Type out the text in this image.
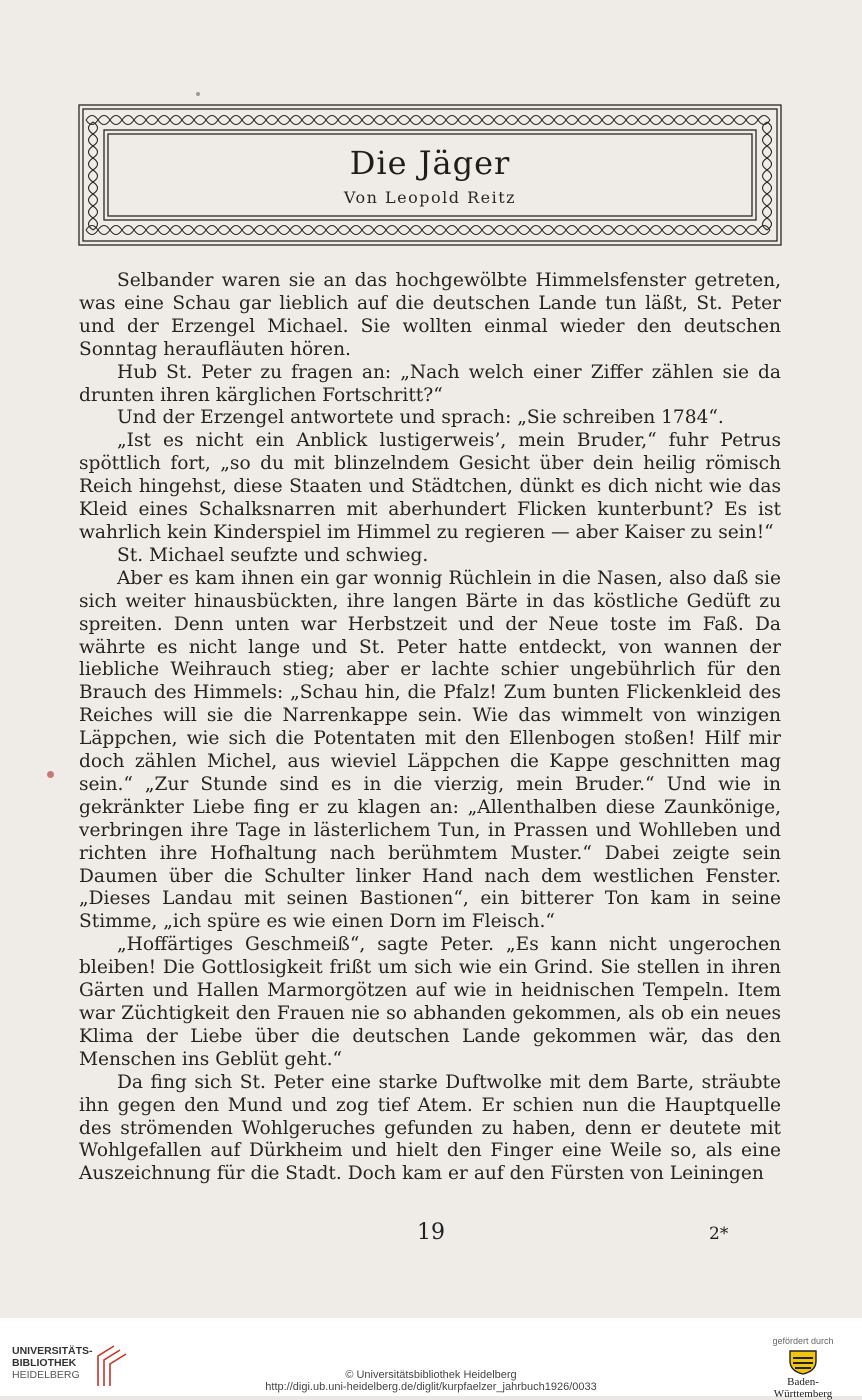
Die Jäger
Von Leopold Reitz

Selbander waren sie an das hochgewölbte Himmelsfenster getreten, was eine Schau gar lieblich auf die deutschen Lande tun läßt, St. Peter und der Erzengel Michael. Sie wollten einmal wieder den deutschen Sonntag heraufläuten hören.

Hub St. Peter zu fragen an: „Nach welch einer Ziffer zählen sie da drunten ihren kärglichen Fortschritt?“

Und der Erzengel antwortete und sprach: „Sie schreiben 1784“.

„Ist es nicht ein Anblick lustigerweis’, mein Bruder,“ fuhr Petrus spöttlich fort, „so du mit blinzelndem Gesicht über dein heilig römisch Reich hingehst, diese Staaten und Städtchen, dünkt es dich nicht wie das Kleid eines Schalksnarren mit aberhundert Flicken kunterbunt? Es ist wahrlich kein Kinderspiel im Himmel zu regieren — aber Kaiser zu sein!“

St. Michael seufzte und schwieg.

Aber es kam ihnen ein gar wonnig Rüchlein in die Nasen, also daß sie sich weiter hinausbückten, ihre langen Bärte in das köstliche Gedüft zu spreiten. Denn unten war Herbstzeit und der Neue toste im Faß. Da währte es nicht lange und St. Peter hatte entdeckt, von wannen der liebliche Weihrauch stieg; aber er lachte schier ungebührlich für den Brauch des Himmels: „Schau hin, die Pfalz! Zum bunten Flickenkleid des Reiches will sie die Narrenkappe sein. Wie das wimmelt von winzigen Läppchen, wie sich die Potentaten mit den Ellenbogen stoßen! Hilf mir doch zählen Michel, aus wieviel Läppchen die Kappe geschnitten mag sein.“ „Zur Stunde sind es in die vierzig, mein Bruder.“ Und wie in gekränkter Liebe fing er zu klagen an: „Allenthalben diese Zaunkönige, verbringen ihre Tage in lästerlichem Tun, in Prassen und Wohlleben und richten ihre Hofhaltung nach berühmtem Muster.“ Dabei zeigte sein Daumen über die Schulter linker Hand nach dem westlichen Fenster. „Dieses Landau mit seinen Bastionen“, ein bitterer Ton kam in seine Stimme, „ich spüre es wie einen Dorn im Fleisch.“

„Hoffärtiges Geschmeiß“, sagte Peter. „Es kann nicht ungerochen bleiben! Die Gottlosigkeit frißt um sich wie ein Grind. Sie stellen in ihren Gärten und Hallen Marmorgötzen auf wie in heidnischen Tempeln. Item war Züchtigkeit den Frauen nie so abhanden gekommen, als ob ein neues Klima der Liebe über die deutschen Lande gekommen wär, das den Menschen ins Geblüt geht.“

Da fing sich St. Peter eine starke Duftwolke mit dem Barte, sträubte ihn gegen den Mund und zog tief Atem. Er schien nun die Hauptquelle des strömenden Wohlgeruches gefunden zu haben, denn er deutete mit Wohlgefallen auf Dürkheim und hielt den Finger eine Weile so, als eine Auszeichnung für die Stadt. Doch kam er auf den Fürsten von Leiningen

19	2*
UNIVERSITÄTS-
BIBLIOTHEK
HEIDELBERG	© Universitätsbibliothek Heidelberg
http://digi.ub.uni-heidelberg.de/diglit/kurpfaelzer_jahrbuch1926/0033
gefördert durch
Baden-Württemberg
